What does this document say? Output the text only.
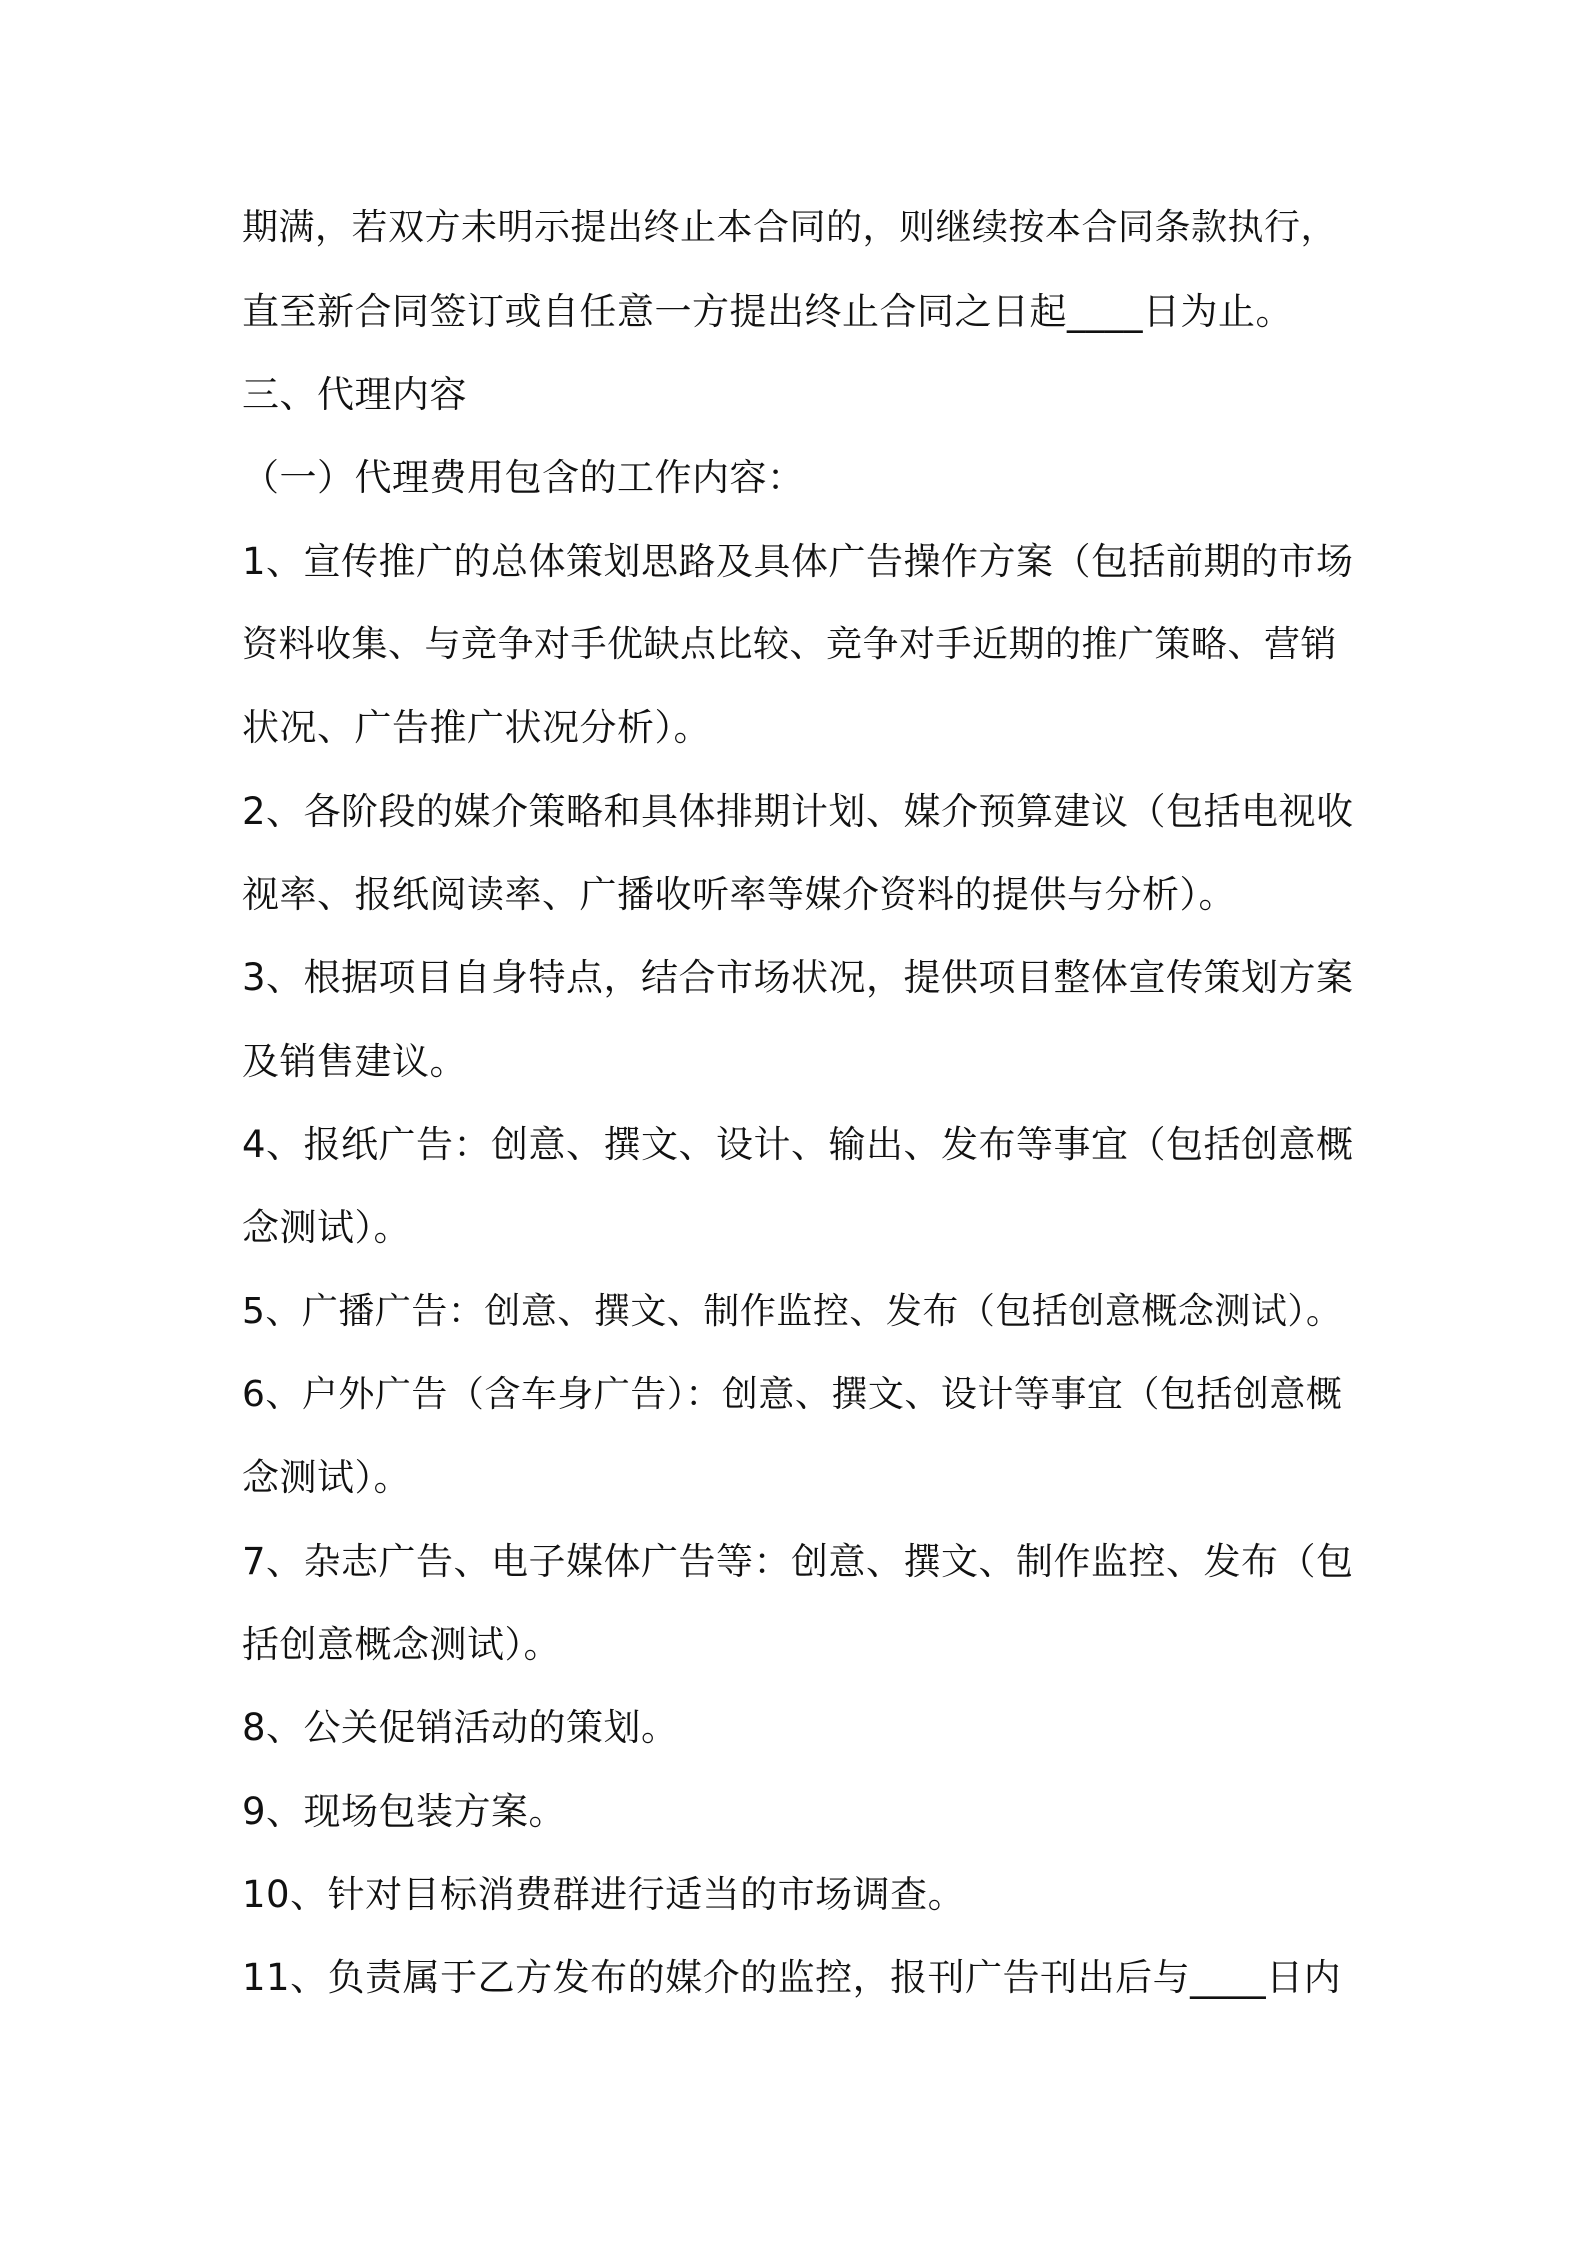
期满，若双方未明示提出终止本合同的，则继续按本合同条款执行，
直至新合同签订或自任意一方提出终止合同之日起____日为止。
三、代理内容
（一）代理费用包含的工作内容：
1、宣传推广的总体策划思路及具体广告操作方案（包括前期的市场
资料收集、与竞争对手优缺点比较、竞争对手近期的推广策略、营销
状况、广告推广状况分析）。
2、各阶段的媒介策略和具体排期计划、媒介预算建议（包括电视收
视率、报纸阅读率、广播收听率等媒介资料的提供与分析）。
3、根据项目自身特点，结合市场状况，提供项目整体宣传策划方案
及销售建议。
4、报纸广告：创意、撰文、设计、输出、发布等事宜（包括创意概
念测试）。
5、广播广告：创意、撰文、制作监控、发布（包括创意概念测试）。
6、户外广告（含车身广告）：创意、撰文、设计等事宜（包括创意概
念测试）。
7、杂志广告、电子媒体广告等：创意、撰文、制作监控、发布（包
括创意概念测试）。
8、公关促销活动的策划。
9、现场包装方案。
10、针对目标消费群进行适当的市场调查。
11、负责属于乙方发布的媒介的监控，报刊广告刊出后与____日内
